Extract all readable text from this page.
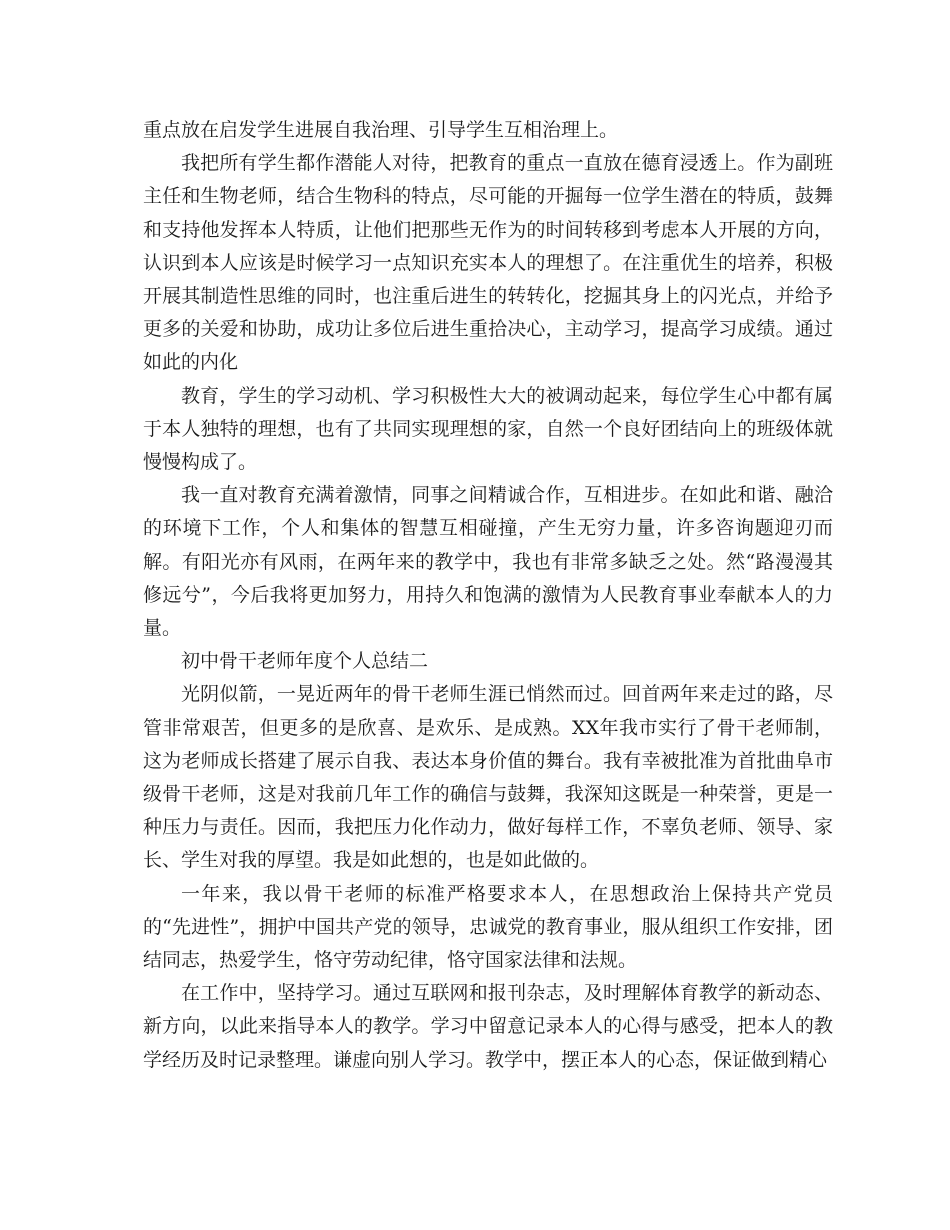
重点放在启发学生进展自我治理、引导学生互相治理上。

我把所有学生都作潜能人对待，把教育的重点一直放在德育浸透上。作为副班主任和生物老师，结合生物科的特点，尽可能的开掘每一位学生潜在的特质，鼓舞和支持他发挥本人特质，让他们把那些无作为的时间转移到考虑本人开展的方向，认识到本人应该是时候学习一点知识充实本人的理想了。在注重优生的培养，积极开展其制造性思维的同时，也注重后进生的转转化，挖掘其身上的闪光点，并给予更多的关爱和协助，成功让多位后进生重拾决心，主动学习，提高学习成绩。通过如此的内化

教育，学生的学习动机、学习积极性大大的被调动起来，每位学生心中都有属于本人独特的理想，也有了共同实现理想的家，自然一个良好团结向上的班级体就慢慢构成了。

我一直对教育充满着激情，同事之间精诚合作，互相进步。在如此和谐、融洽的环境下工作，个人和集体的智慧互相碰撞，产生无穷力量，许多咨询题迎刃而解。有阳光亦有风雨，在两年来的教学中，我也有非常多缺乏之处。然“路漫漫其修远兮”，今后我将更加努力，用持久和饱满的激情为人民教育事业奉献本人的力量。

初中骨干老师年度个人总结二

光阴似箭，一晃近两年的骨干老师生涯已悄然而过。回首两年来走过的路，尽管非常艰苦，但更多的是欣喜、是欢乐、是成熟。XX年我市实行了骨干老师制，这为老师成长搭建了展示自我、表达本身价值的舞台。我有幸被批准为首批曲阜市级骨干老师，这是对我前几年工作的确信与鼓舞，我深知这既是一种荣誉，更是一种压力与责任。因而，我把压力化作动力，做好每样工作，不辜负老师、领导、家长、学生对我的厚望。我是如此想的，也是如此做的。

一年来，我以骨干老师的标准严格要求本人，在思想政治上保持共产党员的“先进性”，拥护中国共产党的领导，忠诚党的教育事业，服从组织工作安排，团结同志，热爱学生，恪守劳动纪律，恪守国家法律和法规。

在工作中，坚持学习。通过互联网和报刊杂志，及时理解体育教学的新动态、新方向，以此来指导本人的教学。学习中留意记录本人的心得与感受，把本人的教学经历及时记录整理。谦虚向别人学习。教学中，摆正本人的心态，保证做到精心
